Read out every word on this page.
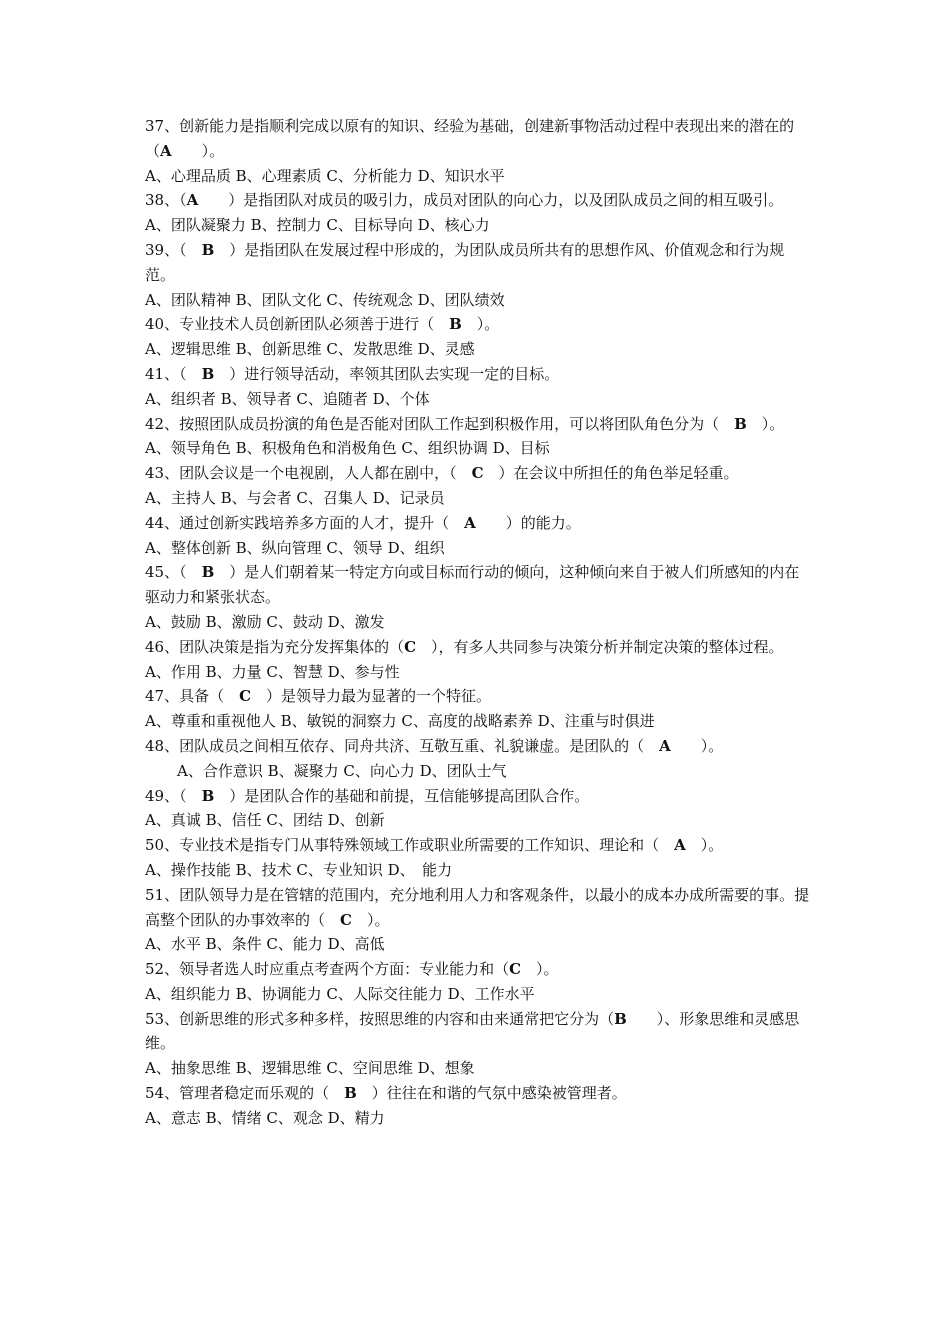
37、创新能力是指顺利完成以原有的知识、经验为基础，创建新事物活动过程中表现出来的潜在的（A　　）。

A、心理品质 B、心理素质 C、分析能力 D、知识水平

38、（A　　）是指团队对成员的吸引力，成员对团队的向心力，以及团队成员之间的相互吸引。

A、团队凝聚力 B、控制力 C、目标导向 D、核心力

39、（　B　）是指团队在发展过程中形成的，为团队成员所共有的思想作风、价值观念和行为规范。

A、团队精神 B、团队文化 C、传统观念 D、团队绩效

40、专业技术人员创新团队必须善于进行（　B　）。

A、逻辑思维 B、创新思维 C、发散思维 D、灵感

41、（　B　）进行领导活动，率领其团队去实现一定的目标。

A、组织者 B、领导者 C、追随者 D、个体

42、按照团队成员扮演的角色是否能对团队工作起到积极作用，可以将团队角色分为（　B　）。

A、领导角色 B、积极角色和消极角色 C、组织协调 D、目标

43、团队会议是一个电视剧，人人都在剧中，（　C　）在会议中所担任的角色举足轻重。

A、主持人 B、与会者 C、召集人 D、记录员

44、通过创新实践培养多方面的人才，提升（　A　　）的能力。

A、整体创新 B、纵向管理 C、领导 D、组织

45、（　B　）是人们朝着某一特定方向或目标而行动的倾向，这种倾向来自于被人们所感知的内在驱动力和紧张状态。

A、鼓励 B、激励 C、鼓动 D、激发

46、团队决策是指为充分发挥集体的（C　），有多人共同参与决策分析并制定决策的整体过程。

A、作用 B、力量 C、智慧 D、参与性

47、具备（　C　）是领导力最为显著的一个特征。

A、尊重和重视他人 B、敏锐的洞察力 C、高度的战略素养 D、注重与时俱进

48、团队成员之间相互依存、同舟共济、互敬互重、礼貌谦虚。是团队的（　A　　）。

A、合作意识 B、凝聚力 C、向心力 D、团队士气

49、（　B　）是团队合作的基础和前提，互信能够提高团队合作。

A、真诚 B、信任 C、团结 D、创新

50、专业技术是指专门从事特殊领域工作或职业所需要的工作知识、理论和（　A　）。

A、操作技能 B、技术 C、专业知识 D、　能力

51、团队领导力是在管辖的范围内，充分地利用人力和客观条件，以最小的成本办成所需要的事。提高整个团队的办事效率的（　C　）。

A、水平 B、条件 C、能力 D、高低

52、领导者选人时应重点考查两个方面：专业能力和（C　）。

A、组织能力 B、协调能力 C、人际交往能力 D、工作水平

53、创新思维的形式多种多样，按照思维的内容和由来通常把它分为（B　　）、形象思维和灵感思维。

A、抽象思维 B、逻辑思维 C、空间思维 D、想象

54、管理者稳定而乐观的（　B　）往往在和谐的气氛中感染被管理者。

A、意志 B、情绪 C、观念 D、精力
